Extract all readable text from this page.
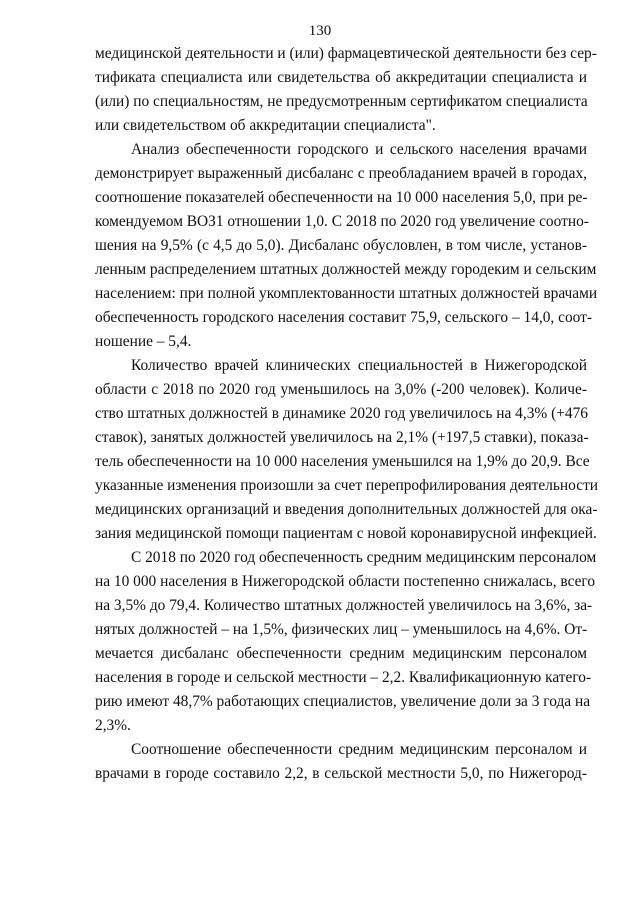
130
медицинской деятельности и (или) фармацевтической деятельности без сер-
тификата специалиста или свидетельства об аккредитации специалиста и
(или) по специальностям, не предусмотренным сертификатом специалиста
или свидетельством об аккредитации специалиста".
Анализ обеспеченности городского и сельского населения врачами
демонстрирует выраженный дисбаланс с преобладанием врачей в городах,
соотношение показателей обеспеченности на 10 000 населения 5,0, при ре-
комендуемом ВОЗ1 отношении 1,0. С 2018 по 2020 год увеличение соотно-
шения на 9,5% (с 4,5 до 5,0). Дисбаланс обусловлен, в том числе, установ-
ленным распределением штатных должностей между городеким и сельским
населением: при полной укомплектованности штатных должностей врачами
обеспеченность городского населения составит 75,9, сельского – 14,0, соот-
ношение – 5,4.
Количество врачей клинических специальностей в Нижегородской
области с 2018 по 2020 год уменьшилось на 3,0% (-200 человек). Количе-
ство штатных должностей в динамике 2020 год увеличилось на 4,3% (+476
ставок), занятых должностей увеличилось на 2,1% (+197,5 ставки), показа-
тель обеспеченности на 10 000 населения уменьшился на 1,9% до 20,9. Все
указанные изменения произошли за счет перепрофилирования деятельности
медицинских организаций и введения дополнительных должностей для ока-
зания медицинской помощи пациентам с новой коронавирусной инфекцией.
С 2018 по 2020 год обеспеченность средним медицинским персоналом
на 10 000 населения в Нижегородской области постепенно снижалась, всего
на 3,5% до 79,4. Количество штатных должностей увеличилось на 3,6%, за-
нятых должностей – на 1,5%, физических лиц – уменьшилось на 4,6%. От-
мечается дисбаланс обеспеченности средним медицинским персоналом
населения в городе и сельской местности – 2,2. Квалификационную катего-
рию имеют 48,7% работающих специалистов, увеличение доли за 3 года на
2,3%.
Соотношение обеспеченности средним медицинским персоналом и
врачами в городе составило 2,2, в сельской местности 5,0, по Нижегород-
